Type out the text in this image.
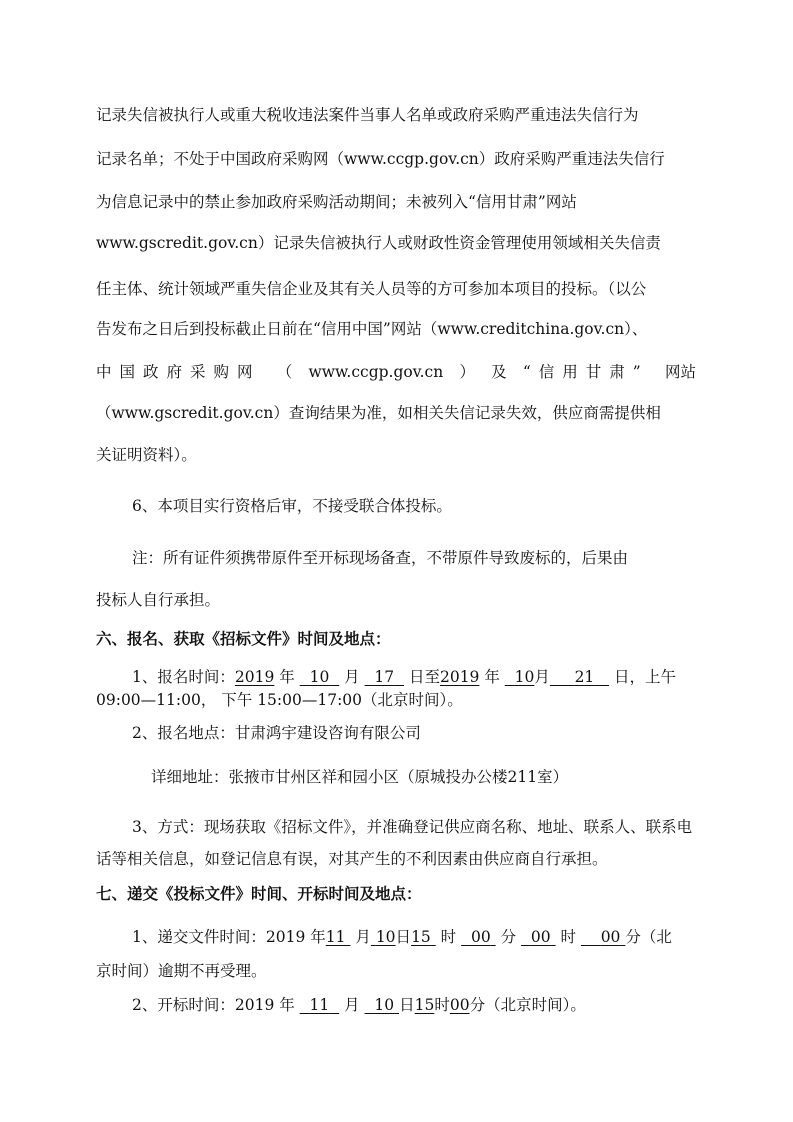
记录失信被执行人或重大税收违法案件当事人名单或政府采购严重违法失信行为
记录名单；不处于中国政府采购网（www.ccgp.gov.cn）政府采购严重违法失信行
为信息记录中的禁止参加政府采购活动期间；未被列入“信用甘肃”网站
www.gscredit.gov.cn）记录失信被执行人或财政性资金管理使用领域相关失信责
任主体、统计领域严重失信企业及其有关人员等的方可参加本项目的投标。（以公
告发布之日后到投标截止日前在“信用中国”网站（www.creditchina.gov.cn）、
中国政府采购网 （ www.ccgp.gov.cn ） 及 “信用甘肃” 网站
（www.gscredit.gov.cn）查询结果为准，如相关失信记录失效，供应商需提供相
关证明资料）。
6、本项目实行资格后审，不接受联合体投标。
注：所有证件须携带原件至开标现场备查，不带原件导致废标的，后果由
投标人自行承担。
六、报名、获取《招标文件》时间及地点：
1、报名时间：2019 年 10 月 17 日至2019 年 10月 21 日，上午
09:00—11:00， 下午 15:00—17:00（北京时间）。
2、报名地点：甘肃鸿宇建设咨询有限公司
详细地址：张掖市甘州区祥和园小区（原城投办公楼211室）
3、方式：现场获取《招标文件》，并准确登记供应商名称、地址、联系人、联系电
话等相关信息，如登记信息有误，对其产生的不利因素由供应商自行承担。
七、递交《投标文件》时间、开标时间及地点：
1、递交文件时间：2019 年11 月 10日15 时 00 分 00 时 00 分（北
京时间）逾期不再受理。
2、开标时间：2019 年 11 月 10 日15时00分（北京时间）。
